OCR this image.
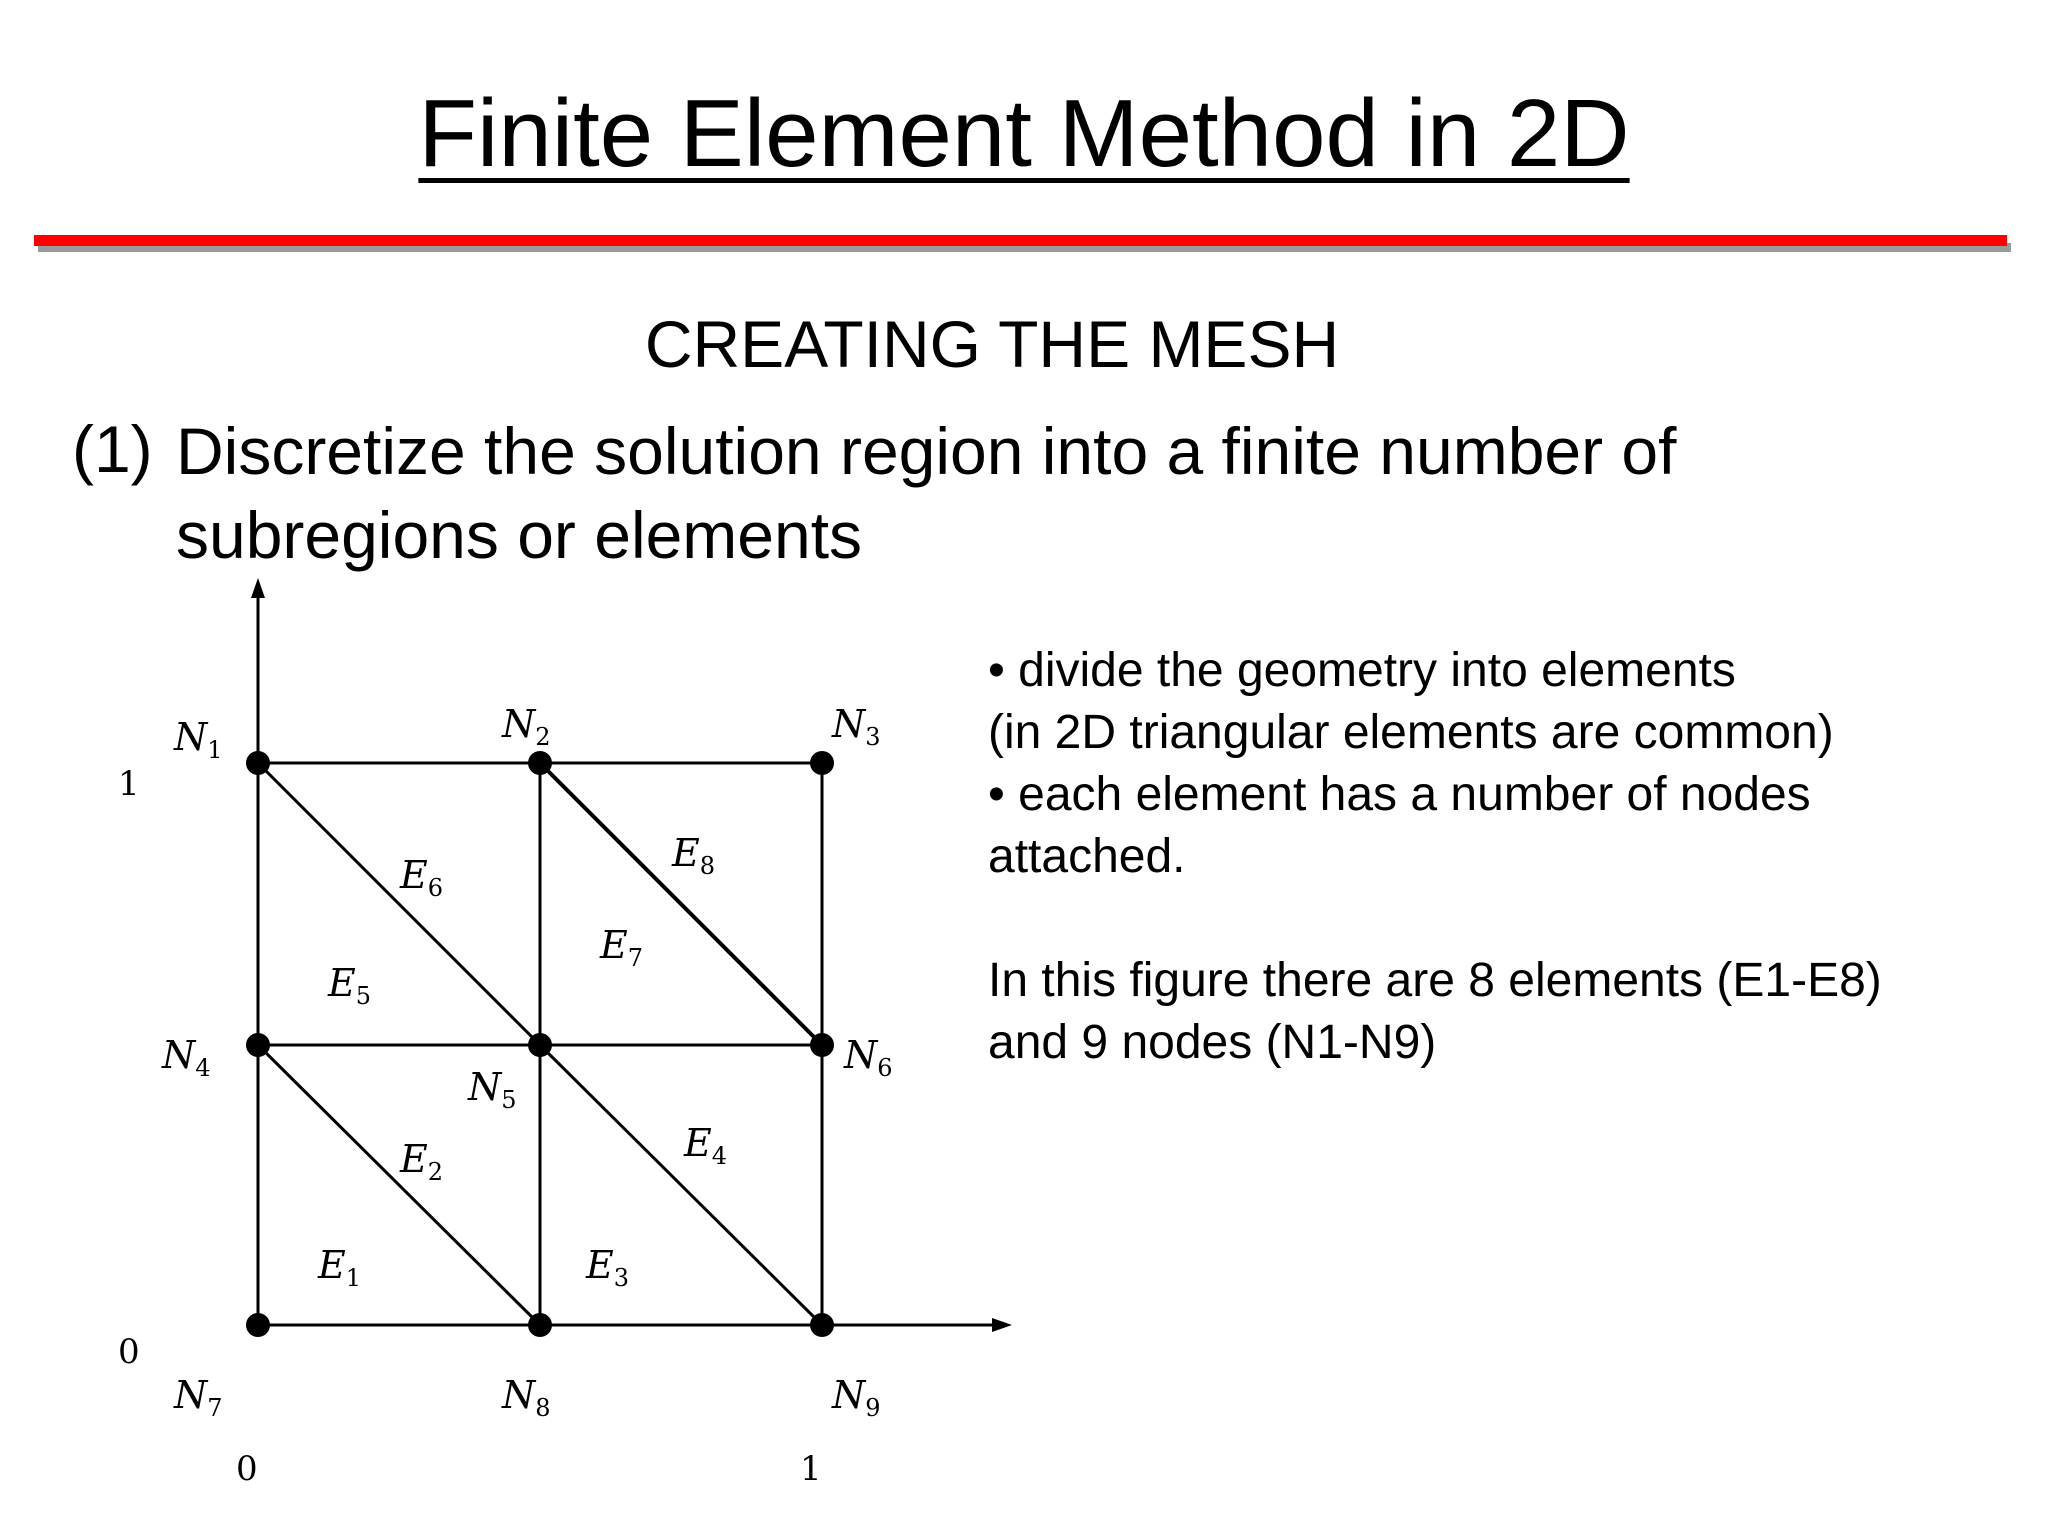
Finite Element Method in 2D
CREATING THE MESH
(1) Discretize the solution region into a finite number of subregions or elements

• divide the geometry into elements

(in 2D triangular elements are common)

• each element has a number of nodes

attached.

In this figure there are 8 elements (E1-E8)

and 9 nodes (N1-N9)

1
0
0	1
$N_1$
$N_2$	$N_3$
$N_4$	$N_5$
$N_6$
$N_7$	$N_8$	$N_9$
$E_1$
$E_2$
$E_3$
$E_4$
$E_5$
$E_6$
$E_7$
$E_8$
